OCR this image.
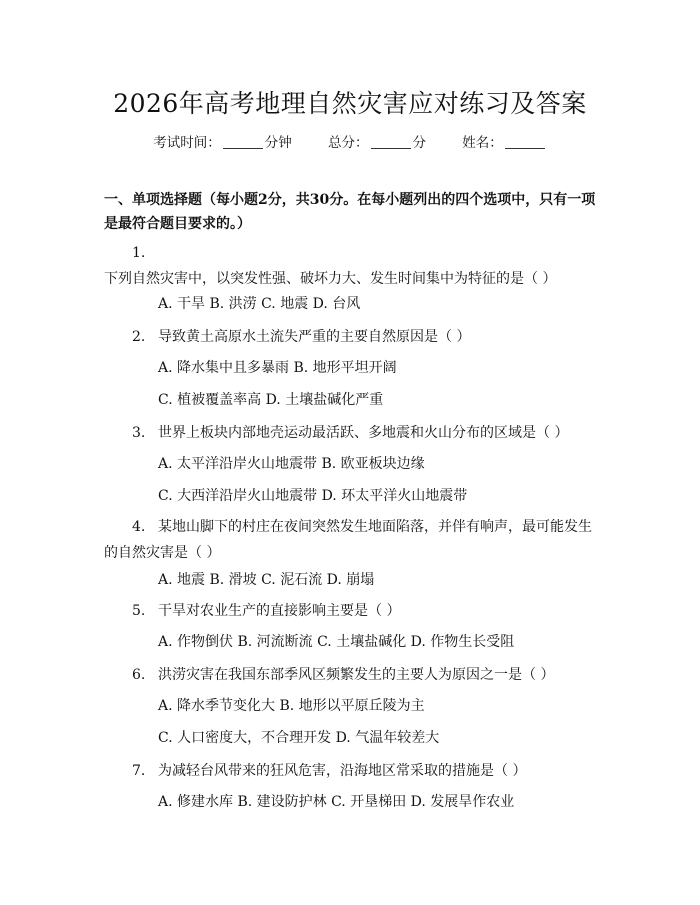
2026年高考地理自然灾害应对练习及答案
考试时间：	分钟	总分：	分	姓名：
一、单项选择题（每小题2分，共30分。在每小题列出的四个选项中，只有一项是最符合题目要求的。）
1.下列自然灾害中，以突发性强、破坏力大、发生时间集中为特征的是（ ）
A. 干旱 B. 洪涝 C. 地震 D. 台风
2. 导致黄土高原水土流失严重的主要自然原因是（ ）
A. 降水集中且多暴雨 B. 地形平坦开阔
C. 植被覆盖率高 D. 土壤盐碱化严重
3. 世界上板块内部地壳运动最活跃、多地震和火山分布的区域是（ ）
A. 太平洋沿岸火山地震带 B. 欧亚板块边缘
C. 大西洋沿岸火山地震带 D. 环太平洋火山地震带
4. 某地山脚下的村庄在夜间突然发生地面陷落，并伴有响声，最可能发生的自然灾害是（ ）
A. 地震 B. 滑坡 C. 泥石流 D. 崩塌
5. 干旱对农业生产的直接影响主要是（ ）
A. 作物倒伏 B. 河流断流 C. 土壤盐碱化 D. 作物生长受阻
6. 洪涝灾害在我国东部季风区频繁发生的主要人为原因之一是（ ）
A. 降水季节变化大 B. 地形以平原丘陵为主
C. 人口密度大，不合理开发 D. 气温年较差大
7. 为减轻台风带来的狂风危害，沿海地区常采取的措施是（ ）
A. 修建水库 B. 建设防护林 C. 开垦梯田 D. 发展旱作农业
